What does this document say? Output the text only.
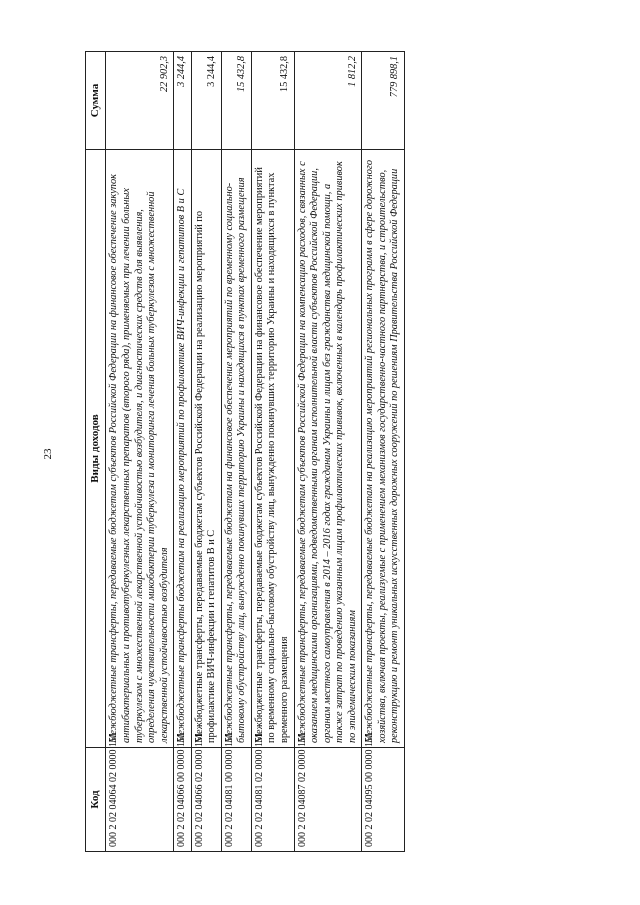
23
Код	Виды доходов	Сумма
000 2 02 04064 02 0000 151	Межбюджетные трансферты, передаваемые бюджетам субъектов Российской Федерации на финансовое обеспечение закупок антибактериальных и противотуберкулезных лекарственных препаратов (второго ряда), применяемых при лечении больных туберкулезом с множественной лекарственной устойчивостью возбудителя, и диагностических средств для выявления, определения чувствительности микобактерии туберкулеза и мониторинга лечения больных туберкулезом с множественной лекарственной устойчивостью возбудителя	22 902,3
000 2 02 04066 00 0000 151	Межбюджетные трансферты бюджетам на реализацию мероприятий по профилактике ВИЧ-инфекции и гепатитов В и С	3 244,4
000 2 02 04066 02 0000 151	Межбюджетные трансферты, передаваемые бюджетам субъектов Российской Федерации на реализацию мероприятий по профилактике ВИЧ-инфекции и гепатитов В и С	3 244,4
000 2 02 04081 00 0000 151	Межбюджетные трансферты, передаваемые бюджетам на финансовое обеспечение мероприятий по временному социально-бытовому обустройству лиц, вынужденно покинувших территорию Украины и находящихся в пунктах временного размещения	15 432,8
000 2 02 04081 02 0000 151	Межбюджетные трансферты, передаваемые бюджетам субъектов Российской Федерации на финансовое обеспечение мероприятий по временному социально-бытовому обустройству лиц, вынужденно покинувших территорию Украины и находящихся в пунктах временного размещения	15 432,8
000 2 02 04087 02 0000 151	Межбюджетные трансферты, передаваемые бюджетам субъектов Российской Федерации на компенсацию расходов, связанных с оказанием медицинскими организациями, подведомственными органам исполнительной власти субъектов Российской Федерации, органам местного самоуправления в 2014 – 2016 годах гражданам Украины и лицам без гражданства медицинской помощи, а также затрат по проведению указанным лицам профилактических прививок, включенных в календарь профилактических прививок по эпидемическим показаниям	1 812,2
000 2 02 04095 00 0000 151	Межбюджетные трансферты, передаваемые бюджетам на реализацию мероприятий региональных программ в сфере дорожного хозяйства, включая проекты, реализуемые с применением механизмов государственно-частного партнерства, и строительство, реконструкцию и ремонт уникальных искусственных дорожных сооружений по решениям Правительства Российской Федерации	779 898,1
